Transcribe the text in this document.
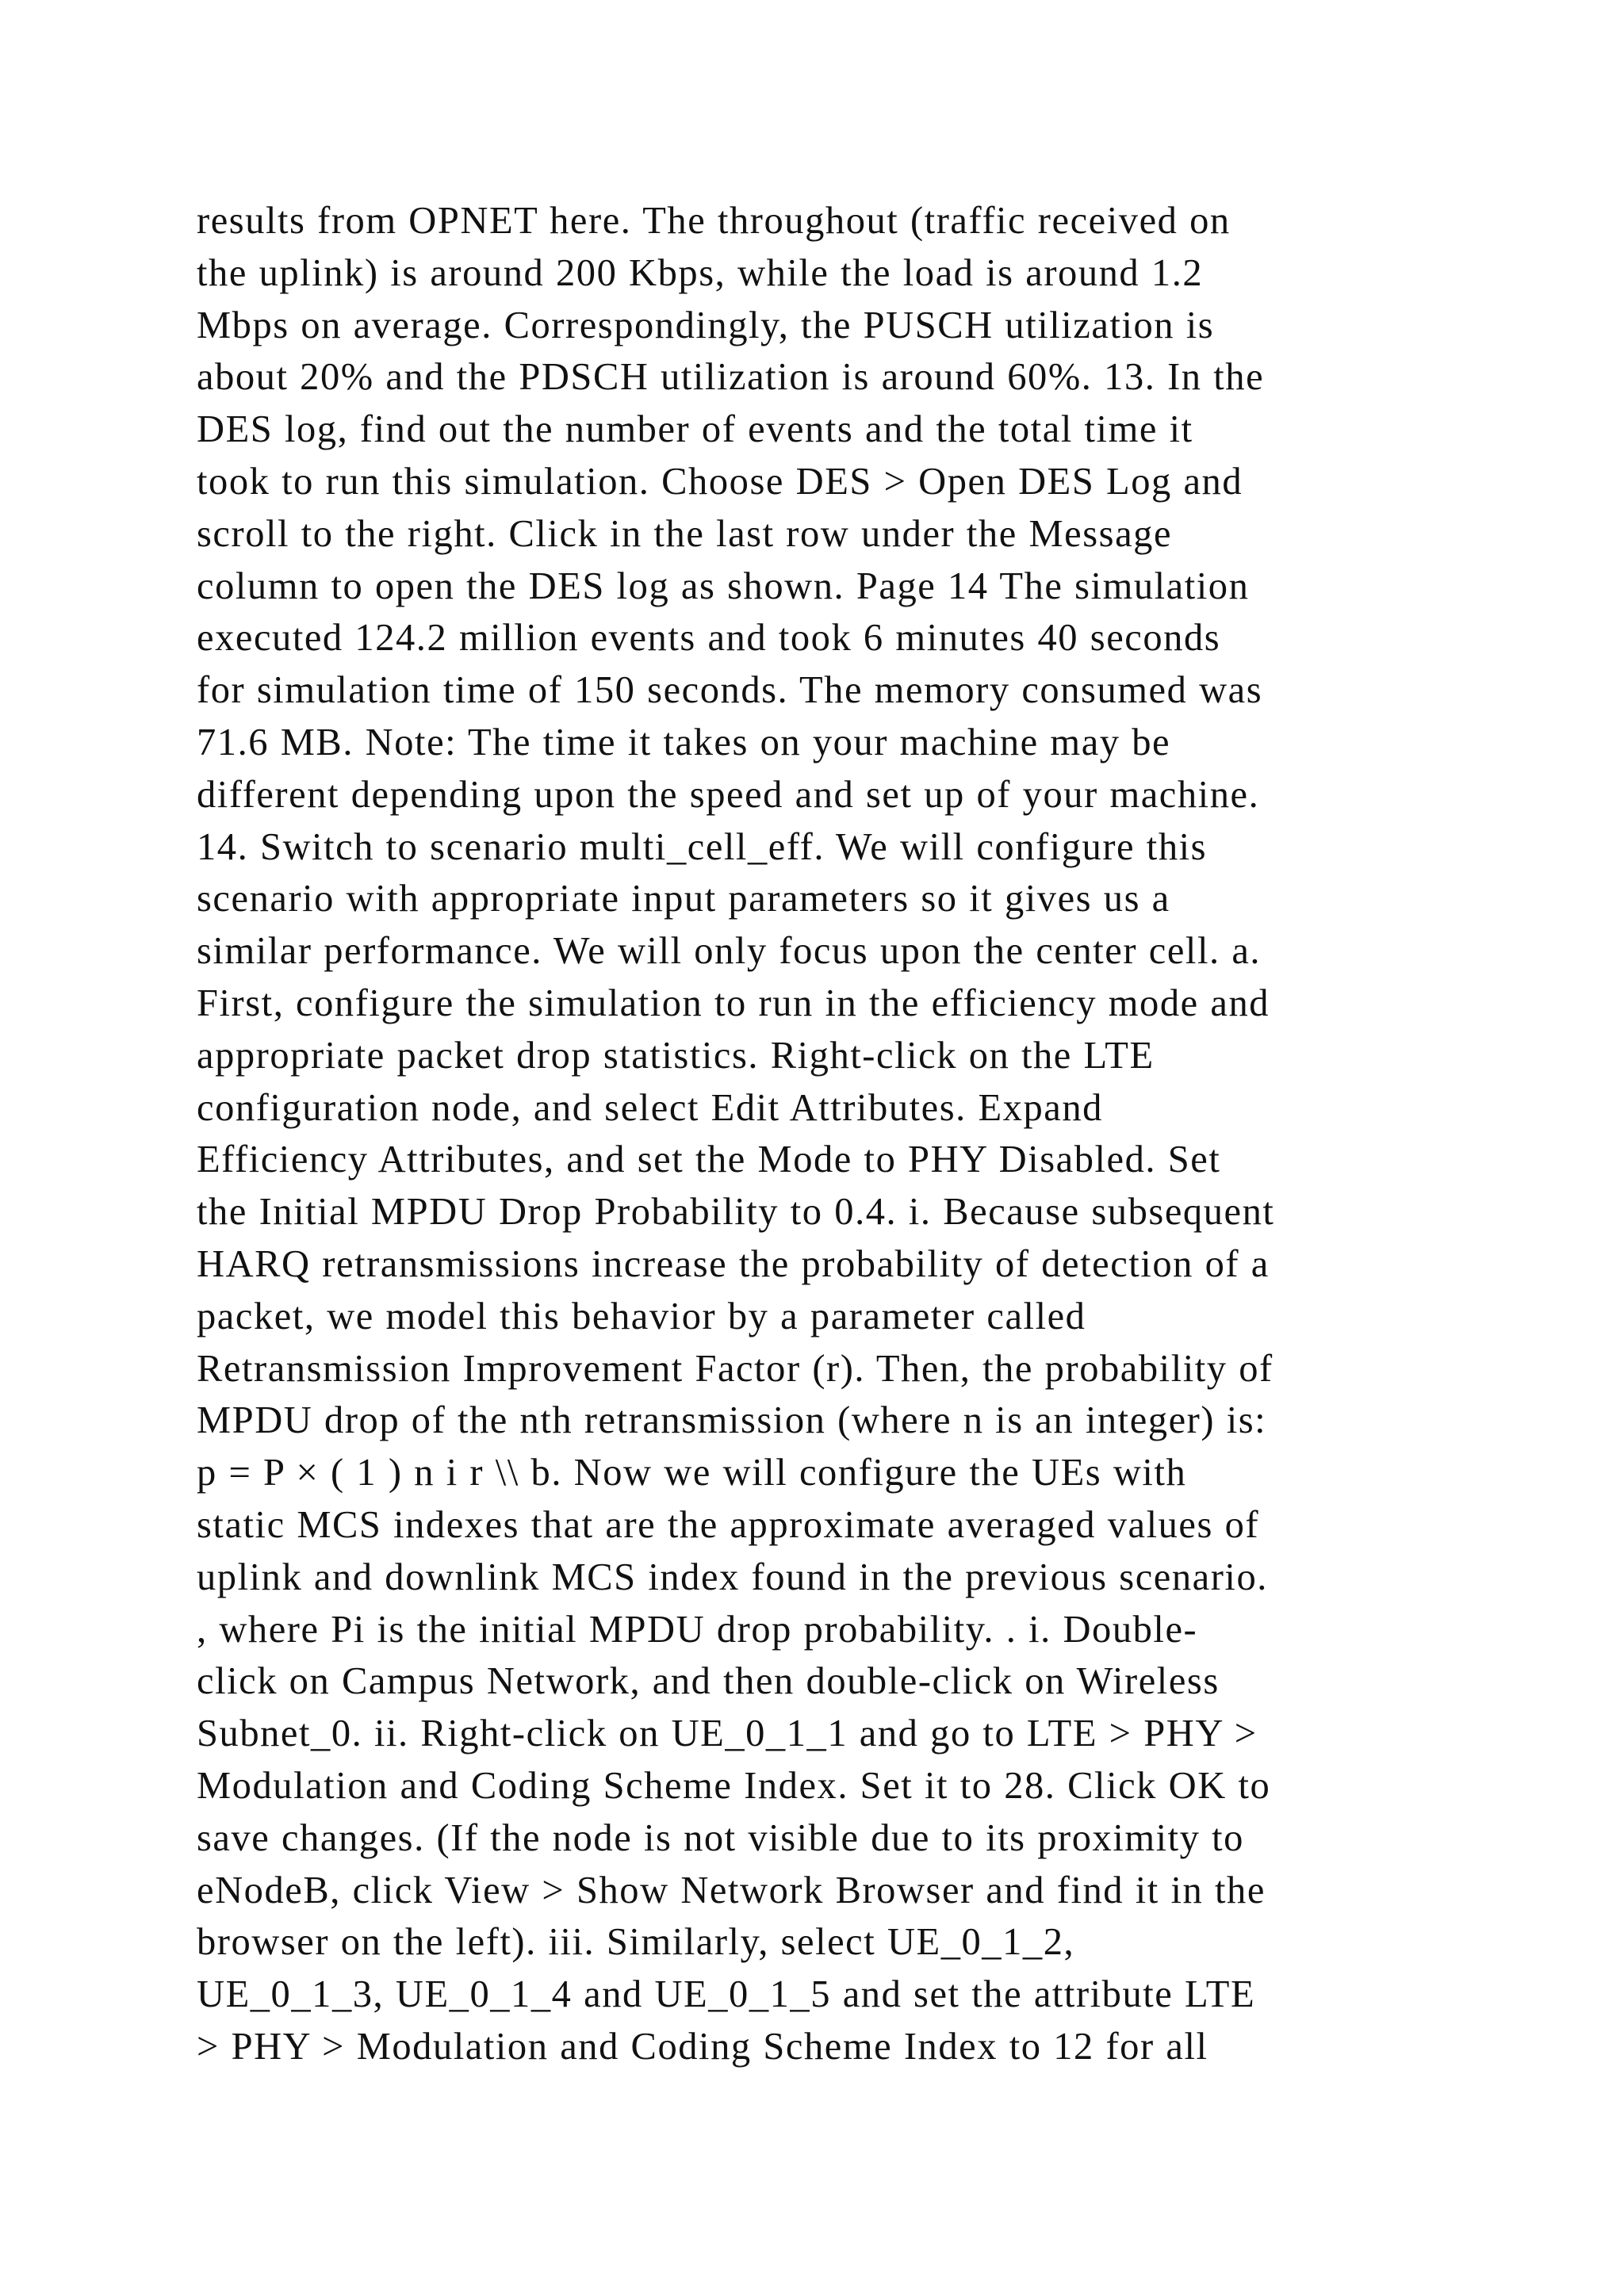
results from OPNET here. The throughout (traffic received on
the uplink) is around 200 Kbps, while the load is around 1.2
Mbps on average. Correspondingly, the PUSCH utilization is
about 20% and the PDSCH utilization is around 60%. 13. In the
DES log, find out the number of events and the total time it
took to run this simulation. Choose DES > Open DES Log and
scroll to the right. Click in the last row under the Message
column to open the DES log as shown. Page 14 The simulation
executed 124.2 million events and took 6 minutes 40 seconds
for simulation time of 150 seconds. The memory consumed was
71.6 MB. Note: The time it takes on your machine may be
different depending upon the speed and set up of your machine.
14. Switch to scenario multi_cell_eff. We will configure this
scenario with appropriate input parameters so it gives us a
similar performance. We will only focus upon the center cell. a.
First, configure the simulation to run in the efficiency mode and
appropriate packet drop statistics. Right-click on the LTE
configuration node, and select Edit Attributes. Expand
Efficiency Attributes, and set the Mode to PHY Disabled. Set
the Initial MPDU Drop Probability to 0.4. i. Because subsequent
HARQ retransmissions increase the probability of detection of a
packet, we model this behavior by a parameter called
Retransmission Improvement Factor (r). Then, the probability of
MPDU drop of the nth retransmission (where n is an integer) is:
p = P × ( 1 ) n i r \\ b. Now we will configure the UEs with
static MCS indexes that are the approximate averaged values of
uplink and downlink MCS index found in the previous scenario.
, where Pi is the initial MPDU drop probability. . i. Double-
click on Campus Network, and then double-click on Wireless
Subnet_0. ii. Right-click on UE_0_1_1 and go to LTE > PHY >
Modulation and Coding Scheme Index. Set it to 28. Click OK to
save changes. (If the node is not visible due to its proximity to
eNodeB, click View > Show Network Browser and find it in the
browser on the left). iii. Similarly, select UE_0_1_2,
UE_0_1_3, UE_0_1_4 and UE_0_1_5 and set the attribute LTE
> PHY > Modulation and Coding Scheme Index to 12 for all
